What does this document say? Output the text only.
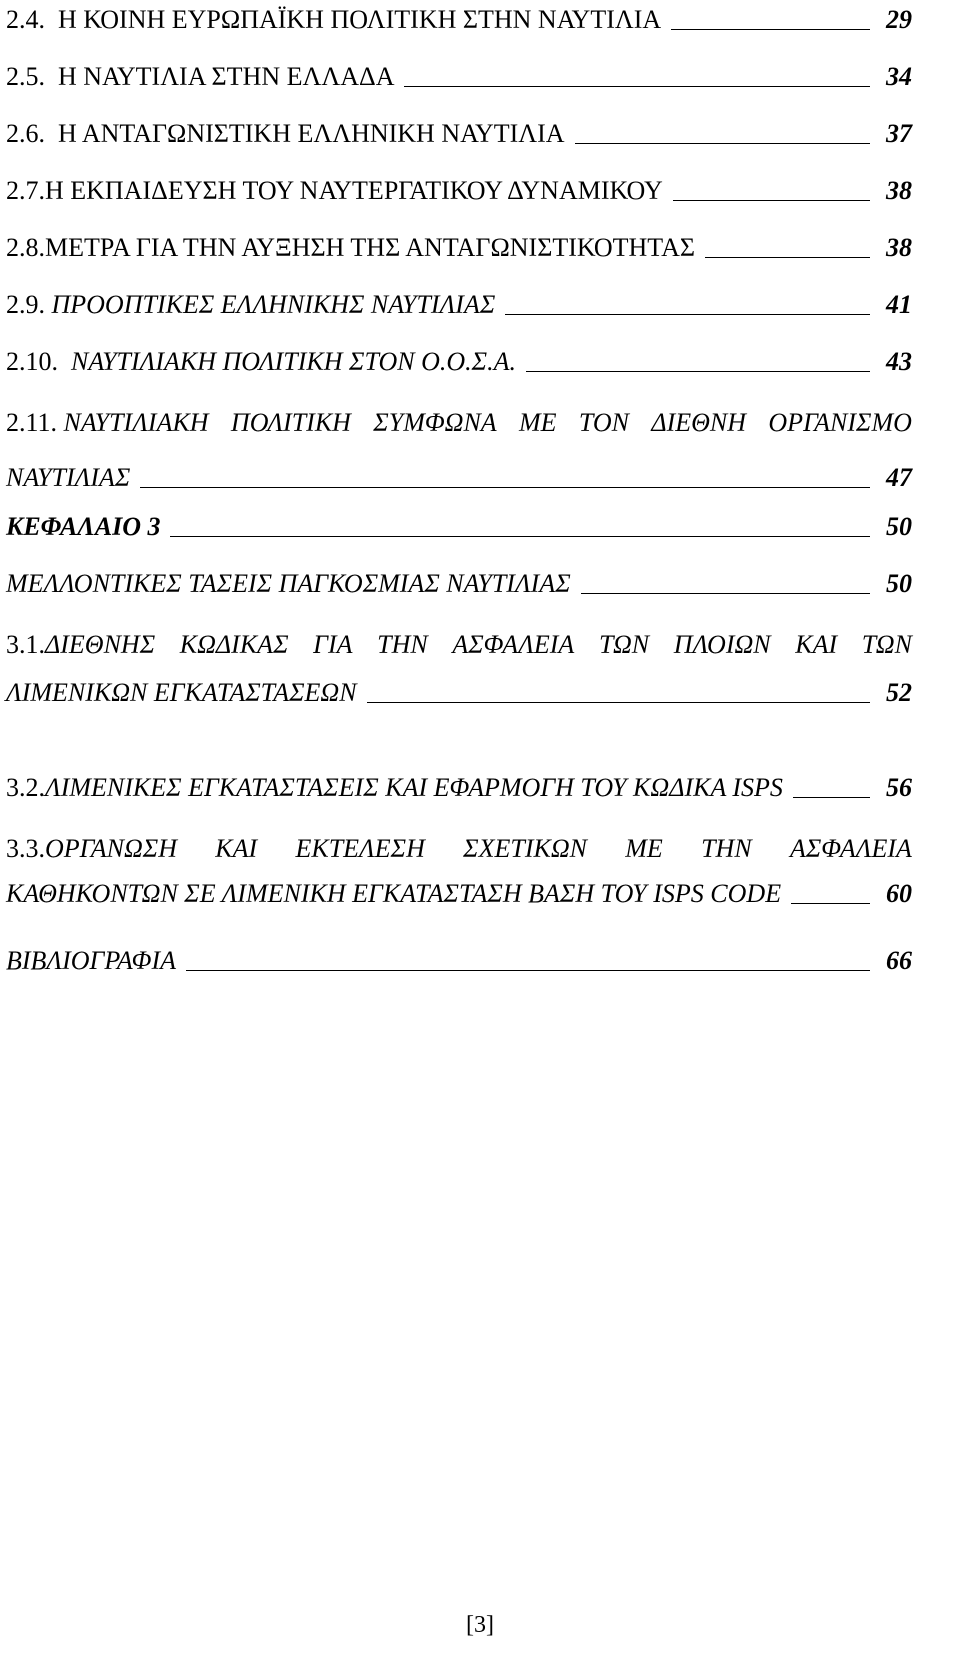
2.4. Η ΚΟΙΝΗ ΕΥΡΩΠΑΪΚΗ ΠΟΛΙΤΙΚΗ ΣΤΗΝ ΝΑΥΤΙΛΙΑ	29
2.5. Η ΝΑΥΤΙΛΙΑ ΣΤΗΝ ΕΛΛΑΔΑ	34
2.6. Η ΑΝΤΑΓΩΝΙΣΤΙΚΗ ΕΛΛΗΝΙΚΗ ΝΑΥΤΙΛΙΑ	37
2.7.Η ΕΚΠΑΙΔΕΥΣΗ ΤΟΥ ΝΑΥΤΕΡΓΑΤΙΚΟΥ ΔΥΝΑΜΙΚΟΥ	38
2.8.ΜΕΤΡΑ ΓΙΑ ΤΗΝ ΑΥΞΗΣΗ ΤΗΣ ΑΝΤΑΓΩΝΙΣΤΙΚΟΤΗΤΑΣ	38
2.9. ΠΡΟΟΠΤΙΚΕΣ ΕΛΛΗΝΙΚΗΣ ΝΑΥΤΙΛΙΑΣ	41
2.10. ΝΑΥΤΙΛΙΑΚΗ ΠΟΛΙΤΙΚΗ ΣΤΟΝ Ο.Ο.Σ.Α.	43
2.11. ΝΑΥΤΙΛΙΑΚΗ ΠΟΛΙΤΙΚΗ ΣΥΜΦΩΝΑ ΜΕ ΤΟΝ ΔΙΕΘΝΗ ΟΡΓΑΝΙΣΜΟ
ΝΑΥΤΙΛΙΑΣ	47
ΚΕΦΑΛΑΙΟ 3	50
ΜΕΛΛΟΝΤΙΚΕΣ ΤΑΣΕΙΣ ΠΑΓΚΟΣΜΙΑΣ ΝΑΥΤΙΛΙΑΣ	50
3.1.ΔΙΕΘΝΗΣ ΚΩΔΙΚΑΣ ΓΙΑ ΤΗΝ ΑΣΦΑΛΕΙΑ ΤΩΝ ΠΛΟΙΩΝ ΚΑΙ ΤΩΝ
ΛΙΜΕΝΙΚΩΝ ΕΓΚΑΤΑΣΤΑΣΕΩΝ	52
3.2.ΛΙΜΕΝΙΚΕΣ ΕΓΚΑΤΑΣΤΑΣΕΙΣ ΚΑΙ ΕΦΑΡΜΟΓΗ ΤΟΥ ΚΩΔΙΚΑ ISPS	56
3.3.ΟΡΓΑΝΩΣΗ ΚΑΙ ΕΚΤΕΛΕΣΗ ΣΧΕΤΙΚΩΝ ΜΕ ΤΗΝ ΑΣΦΑΛΕΙΑ
ΚΑΘΗΚΟΝΤΩΝ ΣΕ ΛΙΜΕΝΙΚΗ ΕΓΚΑΤΑΣΤΑΣΗ ΒΑΣΗ ΤΟΥ ISPS CODE	60
ΒΙΒΛΙΟΓΡΑΦΙΑ	66
[3]
